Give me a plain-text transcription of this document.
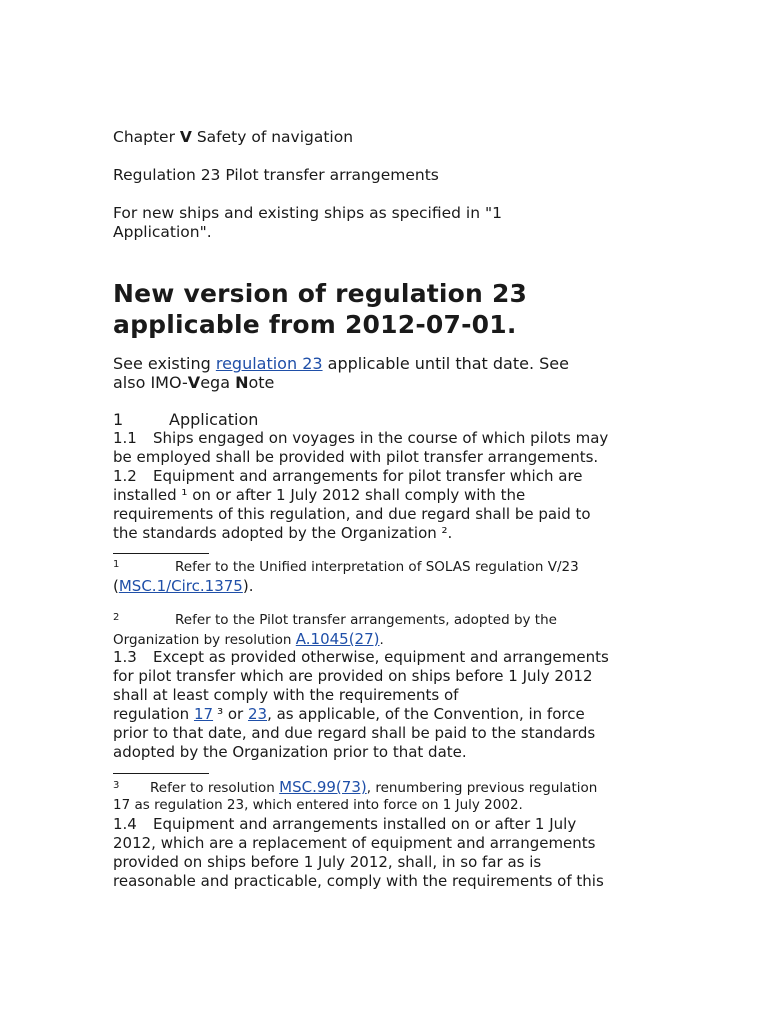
Chapter V Safety of navigation
Regulation 23 Pilot transfer arrangements
For new ships and existing ships as specified in "1
Application".
New version of regulation 23
applicable from 2012-07-01.
See existing regulation 23 applicable until that date. See
also IMO-Vega Note
1	Application
1.1 Ships engaged on voyages in the course of which pilots may
be employed shall be provided with pilot transfer arrangements.
1.2 Equipment and arrangements for pilot transfer which are
installed ¹ on or after 1 July 2012 shall comply with the
requirements of this regulation, and due regard shall be paid to
the standards adopted by the Organization ².
1	Refer to the Unified interpretation of SOLAS regulation V/23
(MSC.1/Circ.1375).
2	Refer to the Pilot transfer arrangements, adopted by the
Organization by resolution A.1045(27).
1.3 Except as provided otherwise, equipment and arrangements
for pilot transfer which are provided on ships before 1 July 2012
shall at least comply with the requirements of
regulation 17 ³ or 23, as applicable, of the Convention, in force
prior to that date, and due regard shall be paid to the standards
adopted by the Organization prior to that date.
3 Refer to resolution MSC.99(73), renumbering previous regulation
17 as regulation 23, which entered into force on 1 July 2002.
1.4 Equipment and arrangements installed on or after 1 July
2012, which are a replacement of equipment and arrangements
provided on ships before 1 July 2012, shall, in so far as is
reasonable and practicable, comply with the requirements of this
